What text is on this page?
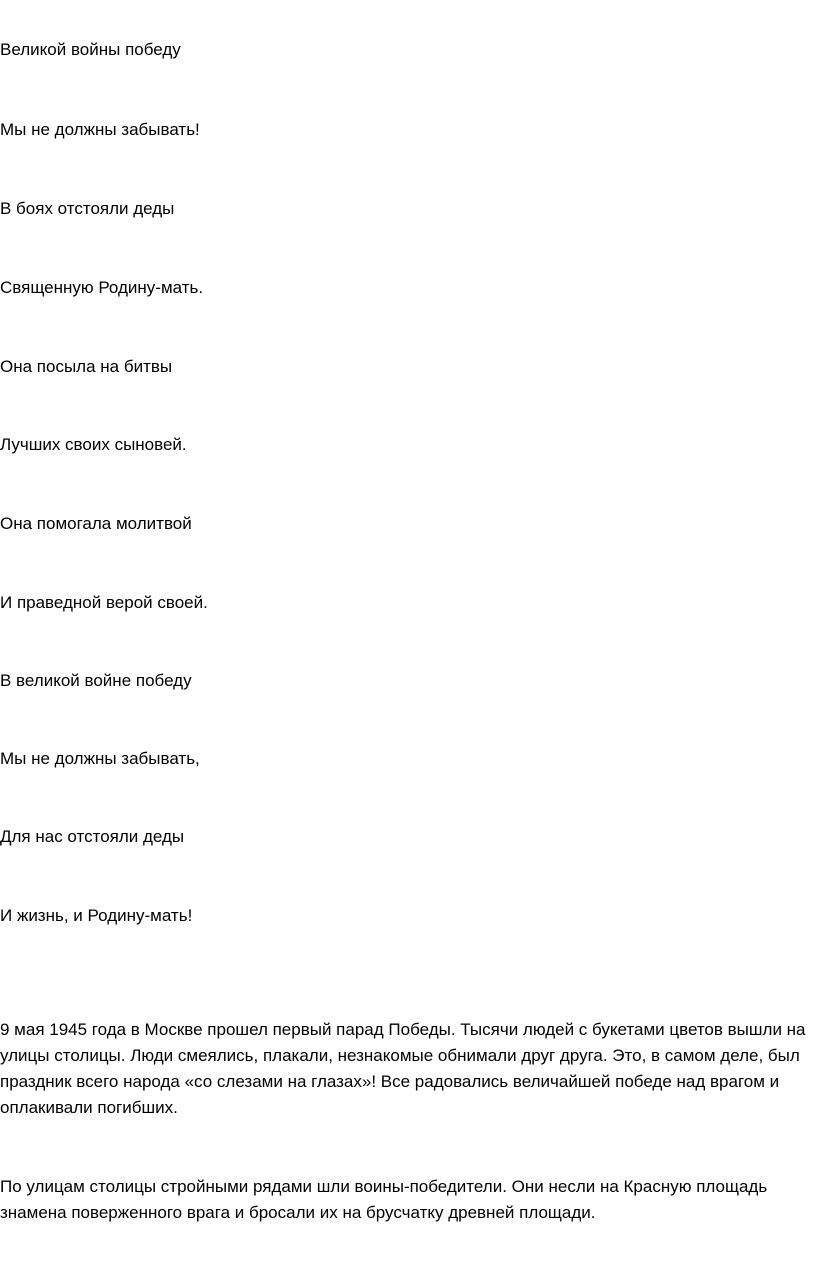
Великой войны победу

Мы не должны забывать!

В боях отстояли деды

Священную Родину-мать.

Она посыла на битвы

Лучших своих сыновей.

Она помогала молитвой

И праведной верой своей.

В великой войне победу

Мы не должны забывать,

Для нас отстояли деды

И жизнь, и Родину-мать!

9 мая 1945 года в Москве прошел первый парад Победы. Тысячи людей с букетами цветов вышли на улицы столицы. Люди смеялись, плакали, незнакомые обнимали друг друга. Это, в самом деле, был праздник всего народа «со слезами на глазах»! Все радовались величайшей победе над врагом и оплакивали погибших.

По улицам столицы стройными рядами шли воины-победители. Они несли на Красную площадь знамена поверженного врага и бросали их на брусчатку древней площади.
